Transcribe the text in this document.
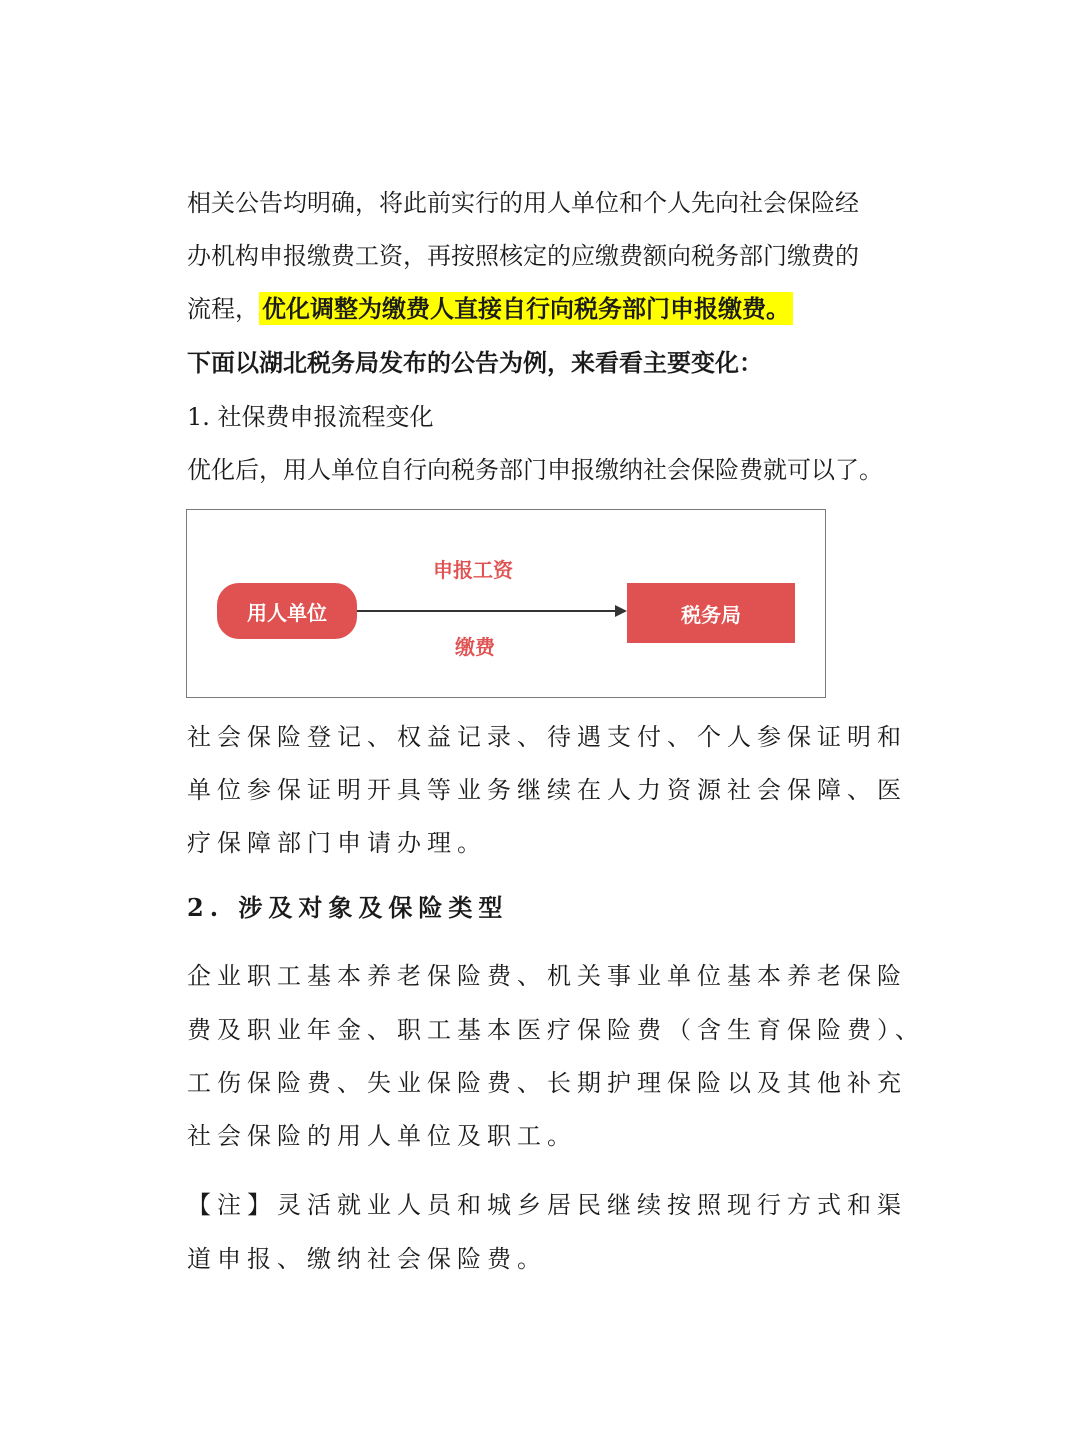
相关公告均明确，将此前实行的用人单位和个人先向社会保险经
办机构申报缴费工资，再按照核定的应缴费额向税务部门缴费的
流程， 优化调整为缴费人直接自行向税务部门申报缴费。
下面以湖北税务局发布的公告为例，来看看主要变化：
1. 社保费申报流程变化
优化后，用人单位自行向税务部门申报缴纳社会保险费就可以了。
用人单位	税务局
申报工资
缴费
社会保险登记、权益记录、待遇支付、个人参保证明和
单位参保证明开具等业务继续在人力资源社会保障、医
疗保障部门申请办理。
2. 涉及对象及保险类型
企业职工基本养老保险费、机关事业单位基本养老保险
费及职业年金、职工基本医疗保险费（含生育保险费）、
工伤保险费、失业保险费、长期护理保险以及其他补充
社会保险的用人单位及职工。
【注】灵活就业人员和城乡居民继续按照现行方式和渠
道申报、缴纳社会保险费。
